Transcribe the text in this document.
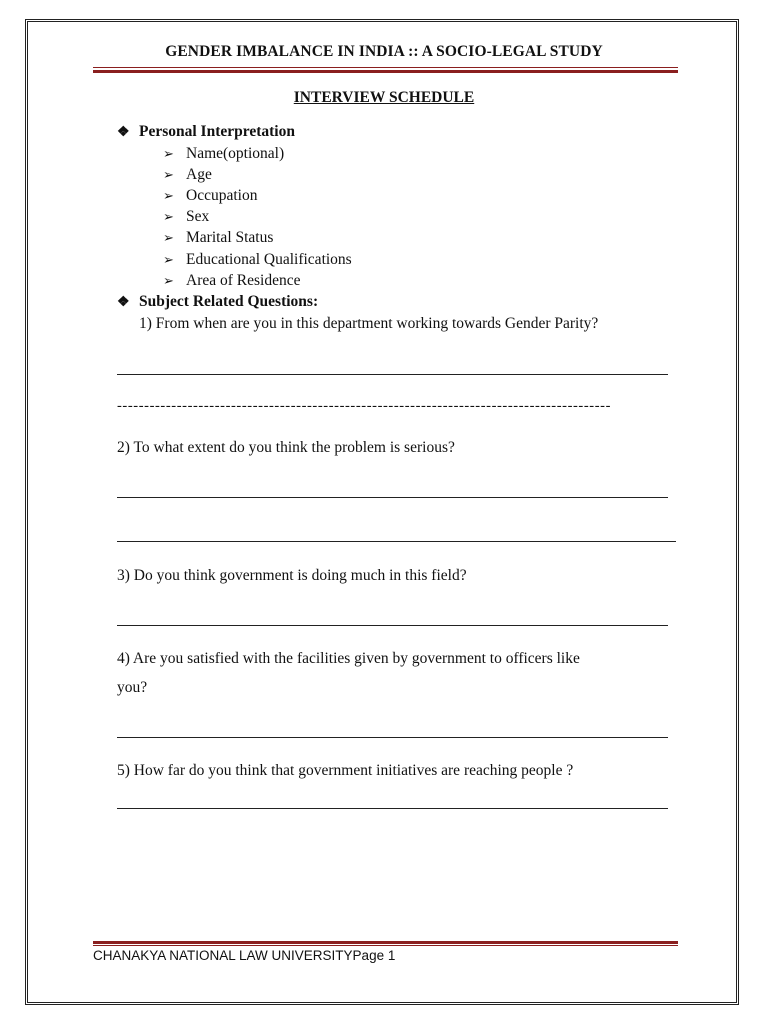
GENDER IMBALANCE IN INDIA :: A SOCIO-LEGAL STUDY
INTERVIEW SCHEDULE
❖ Personal Interpretation
➢ Name(optional)
➢ Age
➢ Occupation
➢ Sex
➢ Marital Status
➢ Educational Qualifications
➢ Area of Residence
❖ Subject Related Questions:
1) From when are you in this department working towards Gender Parity?
-------------------------------------------------------------------------------------------
2) To what extent do you think the problem is serious?
3) Do you think government is doing much in this field?
4) Are you satisfied with the facilities given by government to officers like
you?
5) How far do you think that government initiatives are reaching people ?
CHANAKYA NATIONAL LAW UNIVERSITYPage 1
